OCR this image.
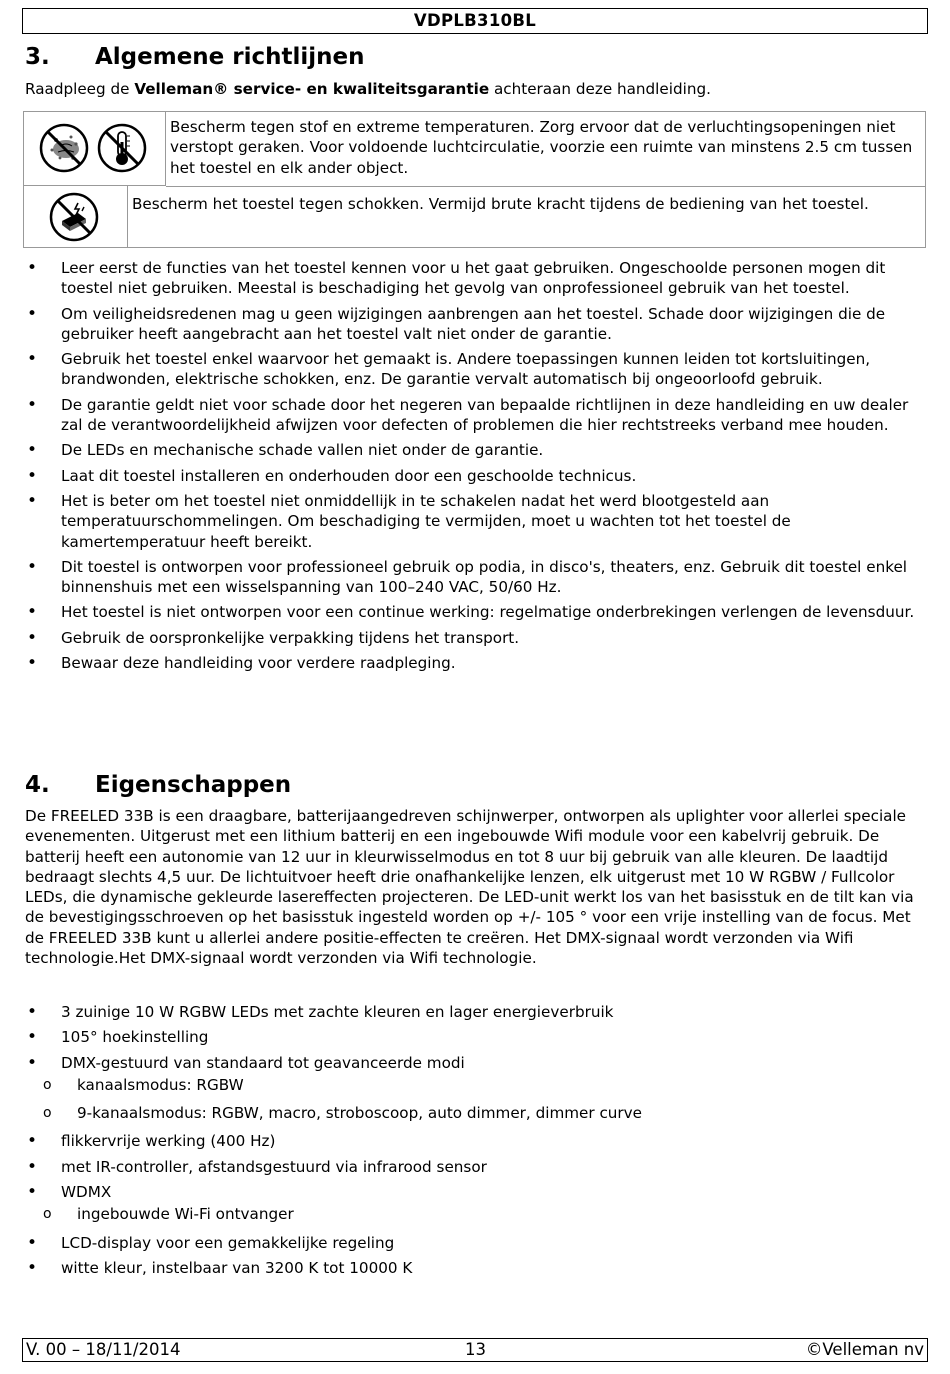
VDPLB310BL
3. Algemene richtlijnen

Raadpleeg de Velleman® service- en kwaliteitsgarantie achteraan deze handleiding.

Bescherm tegen stof en extreme temperaturen. Zorg ervoor dat de verluchtingsopeningen niet verstopt geraken. Voor voldoende luchtcirculatie, voorzie een ruimte van minstens 2.5 cm tussen het toestel en elk ander object.

Bescherm het toestel tegen schokken. Vermijd brute kracht tijdens de bediening van het toestel.

• Leer eerst de functies van het toestel kennen voor u het gaat gebruiken. Ongeschoolde personen mogen dit toestel niet gebruiken. Meestal is beschadiging het gevolg van onprofessioneel gebruik van het toestel.
• Om veiligheidsredenen mag u geen wijzigingen aanbrengen aan het toestel. Schade door wijzigingen die de gebruiker heeft aangebracht aan het toestel valt niet onder de garantie.
• Gebruik het toestel enkel waarvoor het gemaakt is. Andere toepassingen kunnen leiden tot kortsluitingen, brandwonden, elektrische schokken, enz. De garantie vervalt automatisch bij ongeoorloofd gebruik.
• De garantie geldt niet voor schade door het negeren van bepaalde richtlijnen in deze handleiding en uw dealer zal de verantwoordelijkheid afwijzen voor defecten of problemen die hier rechtstreeks verband mee houden.
• De LEDs en mechanische schade vallen niet onder de garantie.
• Laat dit toestel installeren en onderhouden door een geschoolde technicus.
• Het is beter om het toestel niet onmiddellijk in te schakelen nadat het werd blootgesteld aan temperatuurschommelingen. Om beschadiging te vermijden, moet u wachten tot het toestel de kamertemperatuur heeft bereikt.
• Dit toestel is ontworpen voor professioneel gebruik op podia, in disco's, theaters, enz. Gebruik dit toestel enkel binnenshuis met een wisselspanning van 100–240 VAC, 50/60 Hz.
• Het toestel is niet ontworpen voor een continue werking: regelmatige onderbrekingen verlengen de levensduur.
• Gebruik de oorspronkelijke verpakking tijdens het transport.
• Bewaar deze handleiding voor verdere raadpleging.
4. Eigenschappen

De FREELED 33B is een draagbare, batterijaangedreven schijnwerper, ontworpen als uplighter voor allerlei speciale evenementen. Uitgerust met een lithium batterij en een ingebouwde Wifi module voor een kabelvrij gebruik. De batterij heeft een autonomie van 12 uur in kleurwisselmodus en tot 8 uur bij gebruik van alle kleuren. De laadtijd bedraagt slechts 4,5 uur. De lichtuitvoer heeft drie onafhankelijke lenzen, elk uitgerust met 10 W RGBW / Fullcolor LEDs, die dynamische gekleurde lasereffecten projecteren. De LED-unit werkt los van het basisstuk en de tilt kan via de bevestigingsschroeven op het basisstuk ingesteld worden op +/- 105 ° voor een vrije instelling van de focus. Met de FREELED 33B kunt u allerlei andere positie-effecten te creëren. Het DMX-signaal wordt verzonden via Wifi technologie.Het DMX-signaal wordt verzonden via Wifi technologie.

• 3 zuinige 10 W RGBW LEDs met zachte kleuren en lager energieverbruik
• 105° hoekinstelling
• DMX-gestuurd van standaard tot geavanceerde modi
o kanaalsmodus: RGBW
o 9-kanaalsmodus: RGBW, macro, stroboscoop, auto dimmer, dimmer curve
• flikkervrije werking (400 Hz)
• met IR-controller, afstandsgestuurd via infrarood sensor
• WDMX
o ingebouwde Wi-Fi ontvanger
• LCD-display voor een gemakkelijke regeling
• witte kleur, instelbaar van 3200 K tot 10000 K
V. 00 – 18/11/2014	13	©Velleman nv
